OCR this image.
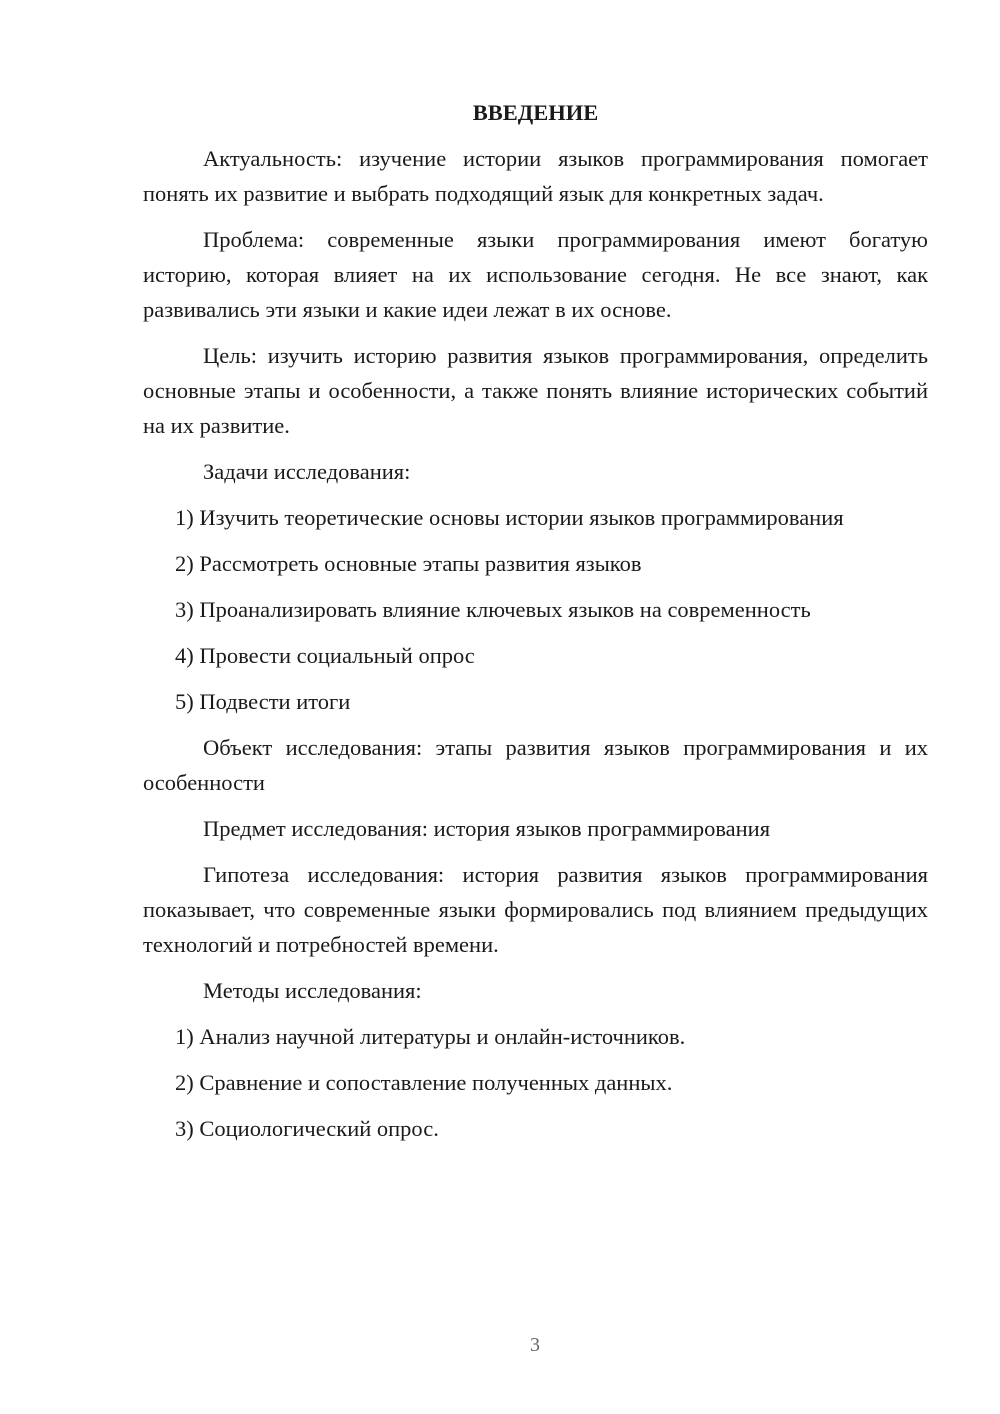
ВВЕДЕНИЕ

Актуальность: изучение истории языков программирования помогает понять их развитие и выбрать подходящий язык для конкретных задач.

Проблема: современные языки программирования имеют богатую историю, которая влияет на их использование сегодня. Не все знают, как развивались эти языки и какие идеи лежат в их основе.

Цель: изучить историю развития языков программирования, определить основные этапы и особенности, а также понять влияние исторических событий на их развитие.

Задачи исследования:

1) Изучить теоретические основы истории языков программирования
2) Рассмотреть основные этапы развития языков
3) Проанализировать влияние ключевых языков на современность
4) Провести социальный опрос
5) Подвести итоги

Объект исследования: этапы развития языков программирования и их особенности

Предмет исследования: история языков программирования

Гипотеза исследования: история развития языков программирования показывает, что современные языки формировались под влиянием предыдущих технологий и потребностей времени.

Методы исследования:

1) Анализ научной литературы и онлайн-источников.
2) Сравнение и сопоставление полученных данных.
3) Социологический опрос.
3
